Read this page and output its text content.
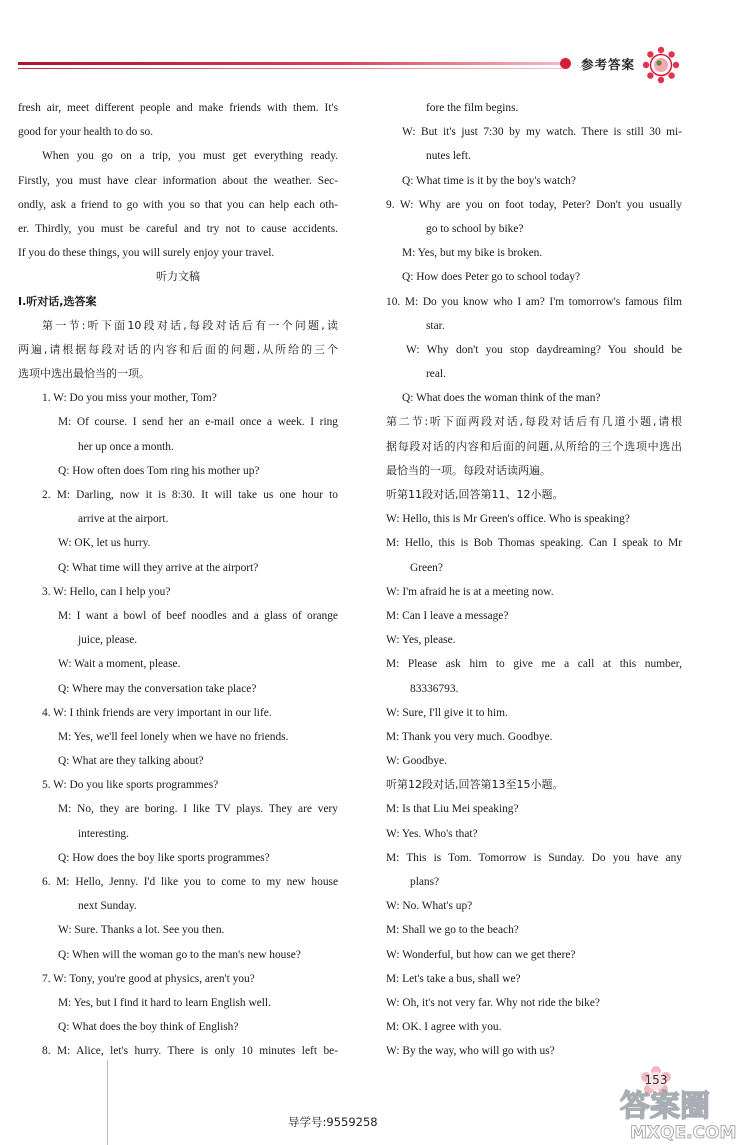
参考答案
fresh air, meet different people and make friends with them. It's
good for your health to do so.
When you go on a trip, you must get everything ready.
Firstly, you must have clear information about the weather. Sec-
ondly, ask a friend to go with you so that you can help each oth-
er. Thirdly, you must be careful and try not to cause accidents.
If you do these things, you will surely enjoy your travel.
听力文稿
Ⅰ.听对话,选答案
第一节:听下面10段对话,每段对话后有一个问题,读
两遍,请根据每段对话的内容和后面的问题,从所给的三个
选项中选出最恰当的一项。
1. W: Do you miss your mother, Tom?
M: Of course. I send her an e-mail once a week. I ring
her up once a month.
Q: How often does Tom ring his mother up?
2. M: Darling, now it is 8:30. It will take us one hour to
arrive at the airport.
W: OK, let us hurry.
Q: What time will they arrive at the airport?
3. W: Hello, can I help you?
M: I want a bowl of beef noodles and a glass of orange
juice, please.
W: Wait a moment, please.
Q: Where may the conversation take place?
4. W: I think friends are very important in our life.
M: Yes, we'll feel lonely when we have no friends.
Q: What are they talking about?
5. W: Do you like sports programmes?
M: No, they are boring. I like TV plays. They are very
interesting.
Q: How does the boy like sports programmes?
6. M: Hello, Jenny. I'd like you to come to my new house
next Sunday.
W: Sure. Thanks a lot. See you then.
Q: When will the woman go to the man's new house?
7. W: Tony, you're good at physics, aren't you?
M: Yes, but I find it hard to learn English well.
Q: What does the boy think of English?
8. M: Alice, let's hurry. There is only 10 minutes left be-
fore the film begins.
W: But it's just 7:30 by my watch. There is still 30 mi-
nutes left.
Q: What time is it by the boy's watch?
9. W: Why are you on foot today, Peter? Don't you usually
go to school by bike?
M: Yes, but my bike is broken.
Q: How does Peter go to school today?
10. M: Do you know who I am? I'm tomorrow's famous film
star.
W: Why don't you stop daydreaming? You should be
real.
Q: What does the woman think of the man?
第二节:听下面两段对话,每段对话后有几道小题,请根
据每段对话的内容和后面的问题,从所给的三个选项中选出
最恰当的一项。每段对话读两遍。
听第11段对话,回答第11、12小题。
W: Hello, this is Mr Green's office. Who is speaking?
M: Hello, this is Bob Thomas speaking. Can I speak to Mr
Green?
W: I'm afraid he is at a meeting now.
M: Can I leave a message?
W: Yes, please.
M: Please ask him to give me a call at this number,
83336793.
W: Sure, I'll give it to him.
M: Thank you very much. Goodbye.
W: Goodbye.
听第12段对话,回答第13至15小题。
M: Is that Liu Mei speaking?
W: Yes. Who's that?
M: This is Tom. Tomorrow is Sunday. Do you have any
plans?
W: No. What's up?
M: Shall we go to the beach?
W: Wonderful, but how can we get there?
M: Let's take a bus, shall we?
W: Oh, it's not very far. Why not ride the bike?
M: OK. I agree with you.
W: By the way, who will go with us?
导学号:9559258
153
答案圈
MXQE.COM
